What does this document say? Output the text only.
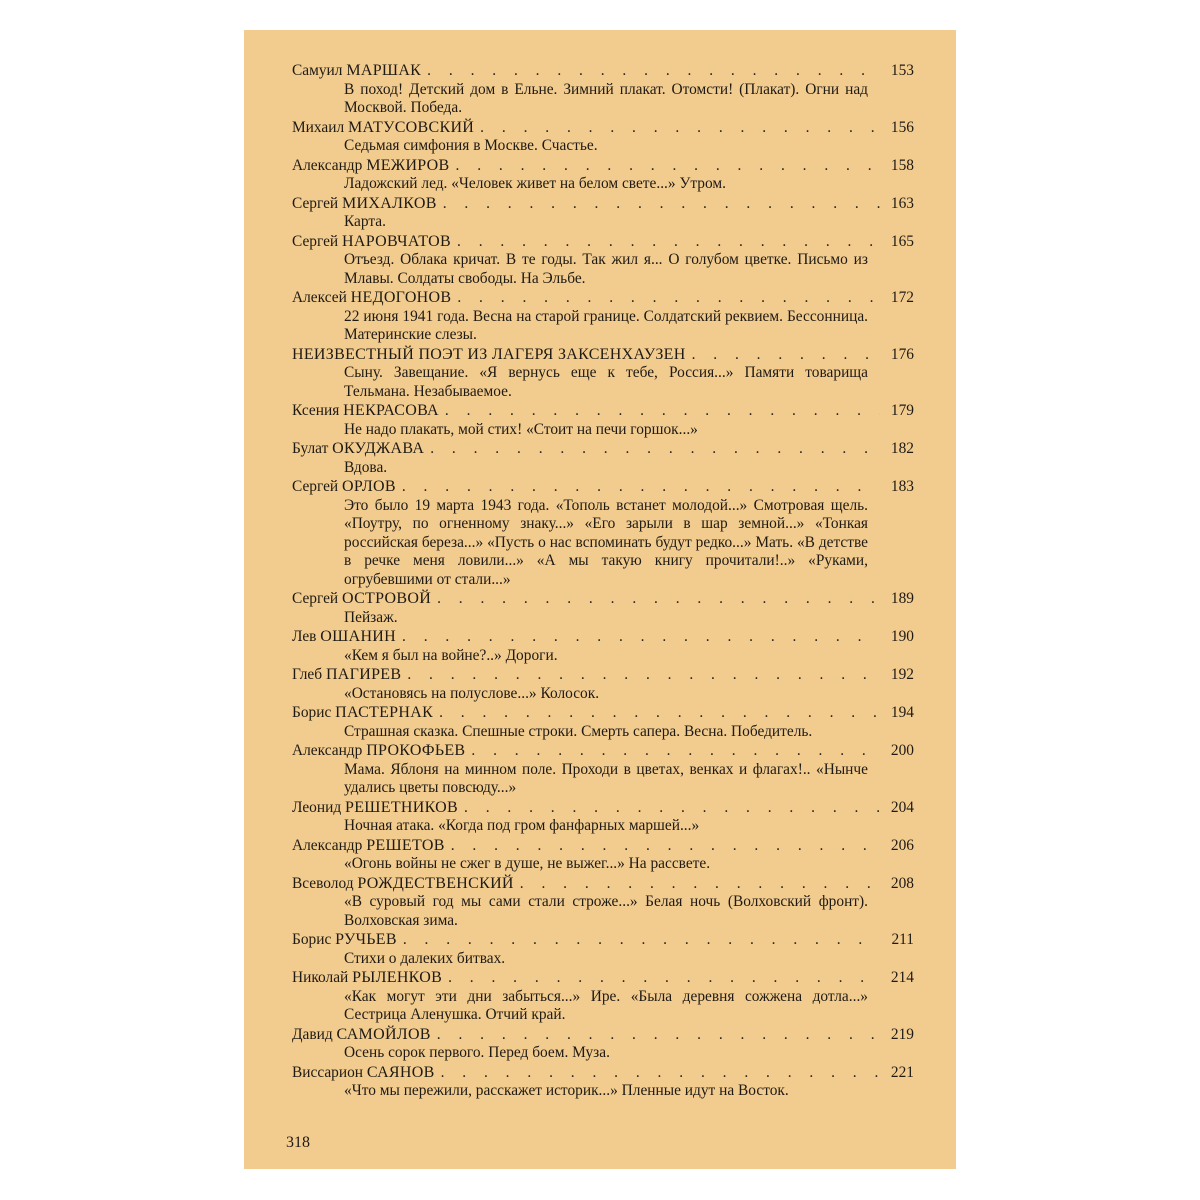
Самуил МАРШАК . . .	153
В поход! Детский дом в Ельне. Зимний плакат. Отомсти! (Плакат). Огни над Москвой. Победа.
Михаил МАТУСОВСКИЙ . . .	156
Седьмая симфония в Москве. Счастье.
Александр МЕЖИРОВ . . .	158
Ладожский лед. «Человек живет на белом свете...» Утром.
Сергей МИХАЛКОВ . . .	163
Карта.
Сергей НАРОВЧАТОВ . . .	165
Отъезд. Облака кричат. В те годы. Так жил я... О голубом цветке. Письмо из Млавы. Солдаты свободы. На Эльбе.
Алексей НЕДОГОНОВ . . .	172
22 июня 1941 года. Весна на старой границе. Солдатский реквием. Бессонница. Материнские слезы.
НЕИЗВЕСТНЫЙ ПОЭТ ИЗ ЛАГЕРЯ ЗАКСЕНХАУЗЕН . . .	176
Сыну. Завещание. «Я вернусь еще к тебе, Россия...» Памяти товарища Тельмана. Незабываемое.
Ксения НЕКРАСОВА . . .	179
Не надо плакать, мой стих! «Стоит на печи горшок...»
Булат ОКУДЖАВА . . .	182
Вдова.
Сергей ОРЛОВ . . .	183
Это было 19 марта 1943 года. «Тополь встанет молодой...» Смотровая щель. «Поутру, по огненному знаку...» «Его зарыли в шар земной...» «Тонкая российская береза...» «Пусть о нас вспоминать будут редко...» Мать. «В детстве в речке меня ловили...» «А мы такую книгу прочитали!..» «Руками, огрубевшими от стали...»
Сергей ОСТРОВОЙ . . .	189
Пейзаж.
Лев ОШАНИН . . .	190
«Кем я был на войне?..» Дороги.
Глеб ПАГИРЕВ . . .	192
«Остановясь на полуслове...» Колосок.
Борис ПАСТЕРНАК . . .	194
Страшная сказка. Спешные строки. Смерть сапера. Весна. Победитель.
Александр ПРОКОФЬЕВ . . .	200
Мама. Яблоня на минном поле. Проходи в цветах, венках и флагах!.. «Нынче удались цветы повсюду...»
Леонид РЕШЕТНИКОВ . . .	204
Ночная атака. «Когда под гром фанфарных маршей...»
Александр РЕШЕТОВ . . .	206
«Огонь войны не сжег в душе, не выжег...» На рассвете.
Всеволод РОЖДЕСТВЕНСКИЙ . . .	208
«В суровый год мы сами стали строже...» Белая ночь (Волховский фронт). Волховская зима.
Борис РУЧЬЕВ . . .	211
Стихи о далеких битвах.
Николай РЫЛЕНКОВ . . .	214
«Как могут эти дни забыться...» Ире. «Была деревня сожжена дотла...» Сестрица Аленушка. Отчий край.
Давид САМОЙЛОВ . . .	219
Осень сорок первого. Перед боем. Муза.
Виссарион САЯНОВ . . .	221
«Что мы пережили, расскажет историк...» Пленные идут на Восток.
318
